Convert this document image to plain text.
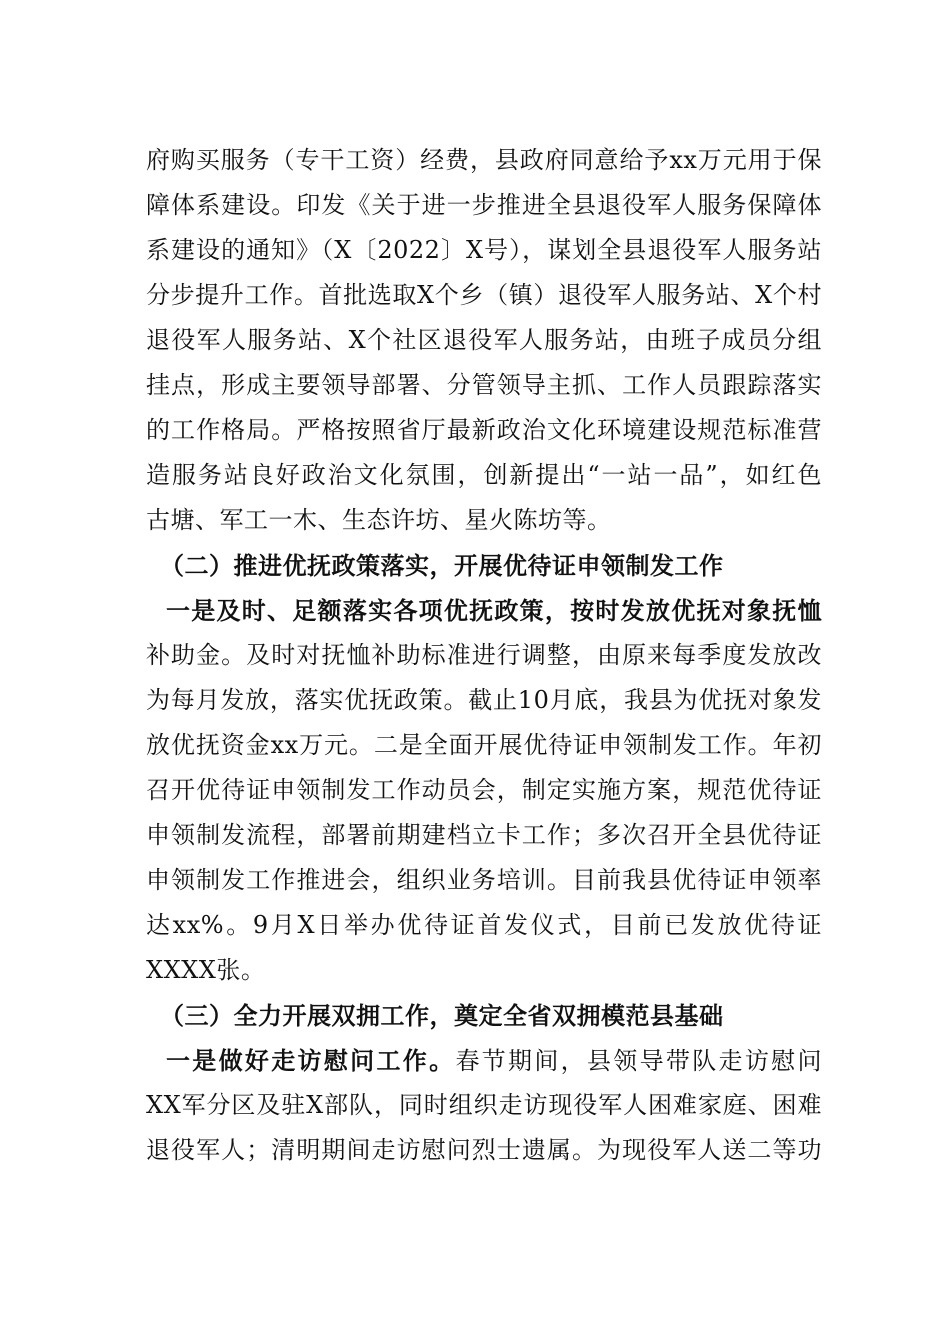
府购买服务（专干工资）经费，县政府同意给予xx万元用于保
障体系建设。印发《关于进一步推进全县退役军人服务保障体
系建设的通知》（X〔2022〕X号），谋划全县退役军人服务站
分步提升工作。首批选取X个乡（镇）退役军人服务站、X个村
退役军人服务站、X个社区退役军人服务站，由班子成员分组
挂点，形成主要领导部署、分管领导主抓、工作人员跟踪落实
的工作格局。严格按照省厅最新政治文化环境建设规范标准营
造服务站良好政治文化氛围，创新提出“一站一品”，如红色
古塘、军工一木、生态许坊、星火陈坊等。
（二）推进优抚政策落实，开展优待证申领制发工作
一是及时、足额落实各项优抚政策，按时发放优抚对象抚恤
补助金。及时对抚恤补助标准进行调整，由原来每季度发放改
为每月发放，落实优抚政策。截止10月底，我县为优抚对象发
放优抚资金xx万元。二是全面开展优待证申领制发工作。年初
召开优待证申领制发工作动员会，制定实施方案，规范优待证
申领制发流程，部署前期建档立卡工作；多次召开全县优待证
申领制发工作推进会，组织业务培训。目前我县优待证申领率
达xx%。9月X日举办优待证首发仪式，目前已发放优待证
XXXX张。
（三）全力开展双拥工作，奠定全省双拥模范县基础
一是做好走访慰问工作。春节期间，县领导带队走访慰问
XX军分区及驻X部队，同时组织走访现役军人困难家庭、困难
退役军人；清明期间走访慰问烈士遗属。为现役军人送二等功
